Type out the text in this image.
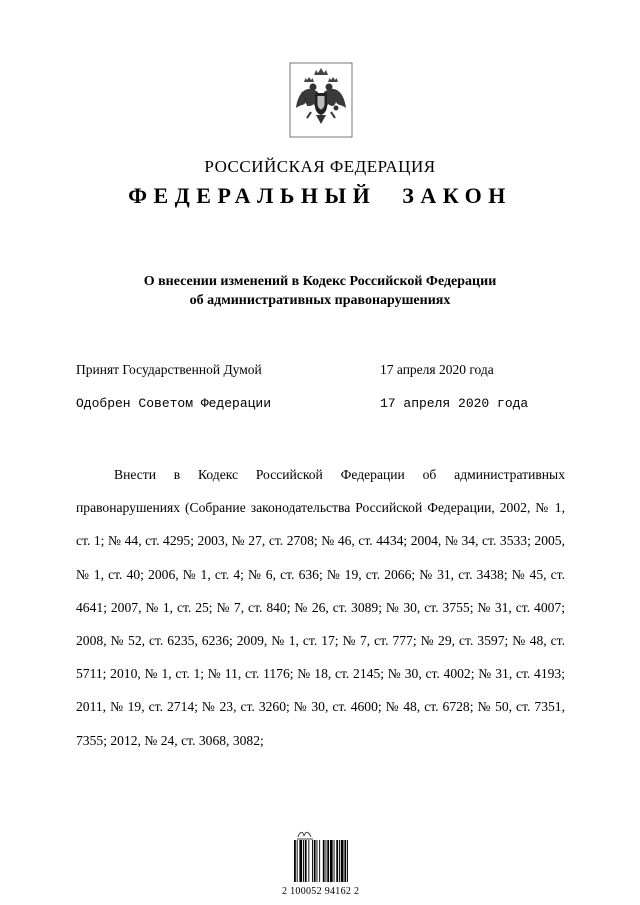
РОССИЙСКАЯ ФЕДЕРАЦИЯ
ФЕДЕРАЛЬНЫЙ ЗАКОН
О внесении изменений в Кодекс Российской Федерации
об административных правонарушениях
Принят Государственной Думой	17 апреля 2020 года
Одобрен Советом Федерации	17 апреля 2020 года
Внести в Кодекс Российской Федерации об административных правонарушениях (Собрание законодательства Российской Федерации, 2002, № 1, ст. 1; № 44, ст. 4295; 2003, № 27, ст. 2708; № 46, ст. 4434; 2004, № 34, ст. 3533; 2005, № 1, ст. 40; 2006, № 1, ст. 4; № 6, ст. 636; № 19, ст. 2066; № 31, ст. 3438; № 45, ст. 4641; 2007, № 1, ст. 25; № 7, ст. 840; № 26, ст. 3089; № 30, ст. 3755; № 31, ст. 4007; 2008, № 52, ст. 6235, 6236; 2009, № 1, ст. 17; № 7, ст. 777; № 29, ст. 3597; № 48, ст. 5711; 2010, № 1, ст. 1; № 11, ст. 1176; № 18, ст. 2145; № 30, ст. 4002; № 31, ст. 4193; 2011, № 19, ст. 2714; № 23, ст. 3260; № 30, ст. 4600; № 48, ст. 6728; № 50, ст. 7351, 7355; 2012, № 24, ст. 3068, 3082;
2 100052 94162 2
